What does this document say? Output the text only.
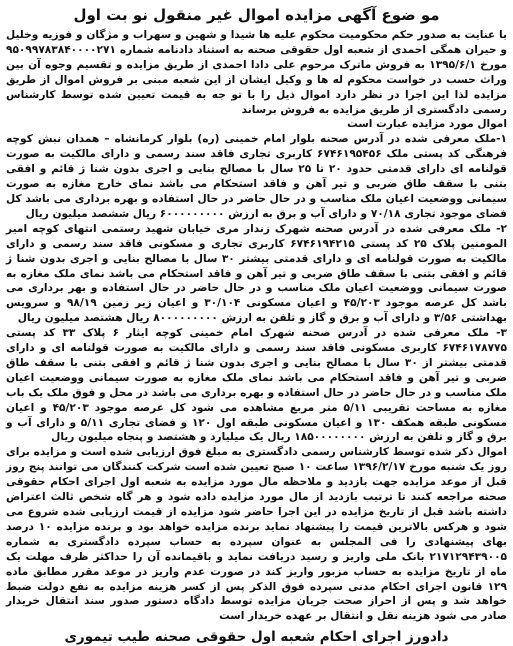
مو ضوع آگهی مزایده اموال غیر منقول نو بت اول

با عنایت به صدور حکم محکومیت محکوم علیه ها شیدا و شهین و سهراب و مژگان و فوزیه وخلیل و حیران همگی احمدی از شعبه اول حقوقی صحنه به استناد دادنامه شماره ۹۵۰۹۹۷۸۳۸۴۰۰۰۰۲۷۱ مورخ ۱۳۹۵/۶/۱ به فروش ماترک مرحوم علی دادا احمدی از طریق مزایده و تقسیم وجوه آن بین وراث حسب در خواست محکوم له ها و وکیل ایشان از این شعبه مبنی بر فروش اموال از طریق مزایده لذا این اجرا در نظر دارد اموال ذیل را با تو جه به قیمت تعیین شده توسط کارشناس رسمی دادگستری از طریق مزایده به فروش برساند

اموال مورد مزایده عبارت است

۱-ملک معرفی شده در آدرس صحنه بلوار امام خمینی (ره) بلوار کرمانشاه – همدان نبش کوچه فرهنگی کد پستی ملک ۶۷۴۶۱۹۵۴۵۶ کاربری تجاری فاقد سند رسمی و دارای مالکیت به صورت قولنامه ای دارای قدمتی حدود ۲۰ تا ۲۵ سال با مصالح بنایی و اجری بدون شنا ژ قائم و افقی بتنی با سقف طاق ضربی و تیر آهن و فاقد استحکام می باشد نمای خارج مغازه به صورت سیمانی ووضعیت اعیان ملک مناسب و در حال حاضر در حال استفاده و بهره برداری می باشد کل فضای موجود تجاری ۷۰/۱۸ و دارای آب و برق به ارزش ۶۰۰۰۰۰۰۰۰۰ ریال ششصد میلیون ریال

۲- ملک معرفی شده در آدرس صحنه شهرک زندار مری خیابان شهید رستمی انتهای کوچه امیر المومنین پلاک ۲۵ کد پستی ۶۷۴۶۱۹۴۲۱۵ کاربری تجاری و مسکونی فاقد سند رسمی و دارای مالکیت به صورت قولنامه ای و دارای قدمتی بیشتر ۳۰ سال با مصالح بنایی و اجری بدون شنا ژ قائم و افقی بتنی با سقف طاق ضربی و تیر آهن و فاقد استحکام می باشد نمای ملک مغازه به صورت سیمانی ووضعیت اعیان ملک مناسب و در حال حاضر در حال استفاده و بهر برداری می باشد کل عرصه موجود ۴۵/۲۰۳ و اعیان مسکونی ۳۰/۱۰۴ و اعیان زیر زمین ۹۸/۱۹ و سرویس بهداشتی ۳/۵۶ و دارای آب و برق و گاز و تلفن به ارزش ۸۰۰۰۰۰۰۰۰۰ ریال هشتصد میلیون ریال

۳- ملک معرفی شده در آدرس صحنه شهرک امام خمینی کوچه ایثار ۶ پلاک ۳۳ کد پستی ۶۷۴۶۱۷۸۷۷۵ کاربری مسکونی فاقد سند رسمی و دارای مالکیت به صورت قولنامه ای و دارای قدمتی بیشتر از ۳۰ سال با مصالح بنایی و اجری بدون شنا ژ قائم و افقی بتنی با سقف طاق ضربی و تیر آهن و فاقد استحکام می باشد نمای ملک مغازه به صورت سیمانی ووضعیت اعیان ملک مناسب و در حال حاضر در حال استفاده و بهره برداری می باشد در محل و فوق ملک یک باب مغازه به مساحت تقریبی ۵/۱۱ متر مربع مشاهده می شود کل عرصه موجود ۴۵/۲۰۳ و اعیان مسکونی طبقه همکف ۱۳۰ و اعیان مسکونی طبقه اول ۱۲۰ و فضای تجاری ۵/۱۱ و دارای آب و برق و گاز و تلفن به ارزش ۱۸۵۰۰۰۰۰۰۰۰ ریال یک میلیارد و هشتصد و پنجاه میلیون ریال

اموال ذکر شده توسط کارشناس رسمی دادگستری به مبلغ فوق ارزیابی شده است و مزایده برای روز یک شنبه مورخ ۱۳۹۶/۲/۱۷ ساعت ۱۰ صبح تعیین شده است شرکت کنندگان می توانند پنج روز قبل از موعد مزایده جهت بازدید و ملاحظه مال مورد مزایده به شعبه اول اجرای احکام حقوقی صحنه مراجعه کنند تا ترتیب بازدید از مال مورد مزایده داده شود و هر گاه شخص ثالث اعتراض داشته باشد قبل از تاریخ مزایده در این اجرا حاضر شود مزایده از قیمت ارزیابی شده شروع می شود و هرکس بالاترین قیمت را پیشنهاد نماید برنده مزایده خواهد بود و برنده مزایده ۱۰ درصد بهای پیشنهادی را فی المجلس به عنوان سپرده به حساب سپرده دادگستری به شماره ۲۱۷۱۲۹۴۳۹۰۰۵ بانک ملی واریز و رسید دریافت نماید و باقیمانده آن را حداکثر ظرف مهلت یک ماه از تاریخ مزایده به حساب مزبور واریز کند در صورت عدم واریز در موعد مقرر مطابق ماده ۱۲۹ قانون اجرای احکام مدنی سپرده فوق الذکر پس از کسر هزینه مزایده به نفع دولت ضبط خواهد شد و پس از احراز صحت جریان مزایده توسط دادگاه دستور صدور سند انتقال خریدار صادر می شود هزینه نقل و انتقال بر عهده خریدار است

دادورز اجرای احکام شعبه اول حقوقی صحنه طیب تیموری
